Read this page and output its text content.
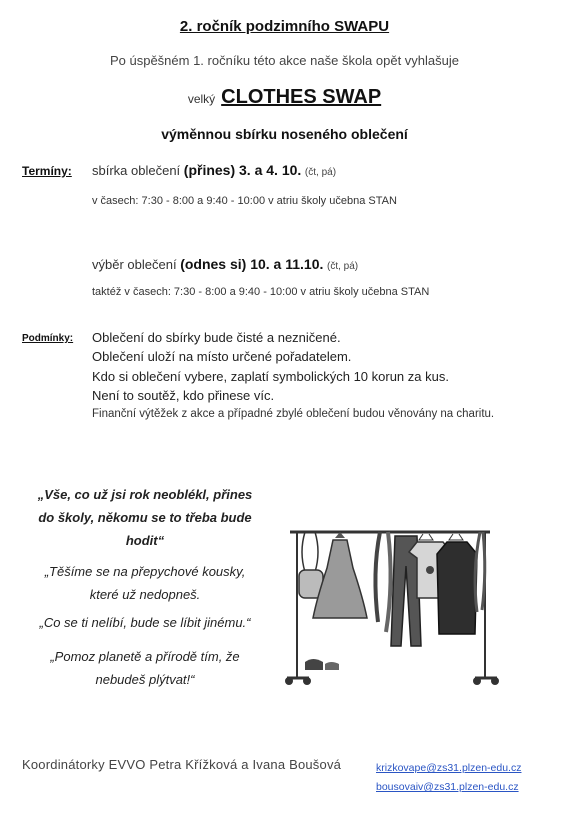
2. ročník podzimního SWAPU
Po úspěšném 1. ročníku této akce naše škola opět vyhlašuje
velký CLOTHES SWAP
výměnnou sbírku noseného oblečení
Termíny: sbírka oblečení (přines) 3. a 4. 10. (čt, pá)
v časech: 7:30 - 8:00 a 9:40 - 10:00 v atriu školy učebna STAN
výběr oblečení (odnes si) 10. a 11.10. (čt, pá)
taktéž v časech: 7:30 - 8:00 a 9:40 - 10:00 v atriu školy učebna STAN
Podmínky: Oblečení do sbírky bude čisté a nezničené.
Oblečení uloží na místo určené pořadatelem.
Kdo si oblečení vybere, zaplatí symbolických 10 korun za kus.
Není to soutěž, kdo přinese víc.
Finanční výtěžek z akce a případné zbylé oblečení budou věnovány na charitu.
„Vše, co už jsi rok neoblékl, přines
do školy, někomu se to třeba bude
hodit“
„Těšíme se na přepychové kousky,
které už nedopneš.
„Co se ti nelíbí, bude se líbit jinému.“
„Pomoz planetě a přírodě tím, že
nebudeš plýtvat!“
Koordinátorky EVVO Petra Křížková a Ivana Boušová	krizkovape@zs31.plzen-edu.cz
bousovaiv@zs31.plzen-edu.cz
